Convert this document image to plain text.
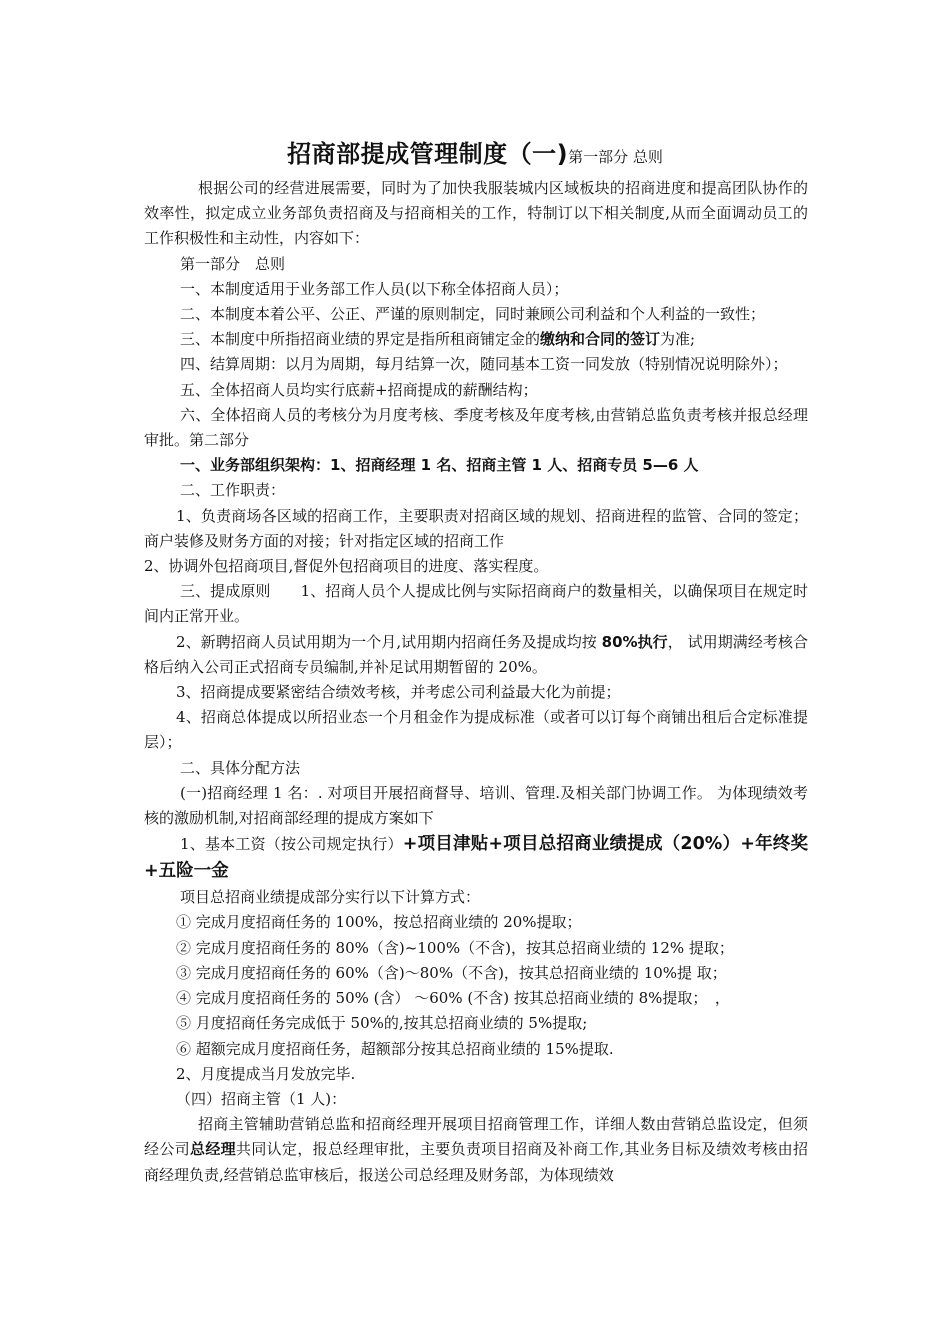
招商部提成管理制度（一)第一部分 总则

根据公司的经营进展需要，同时为了加快我服装城内区域板块的招商进度和提高团队协作的效率性，拟定成立业务部负责招商及与招商相关的工作，特制订以下相关制度,从而全面调动员工的工作积极性和主动性，内容如下：

第一部分　总则

一、本制度适用于业务部工作人员(以下称全体招商人员）；

二、本制度本着公平、公正、严谨的原则制定，同时兼顾公司利益和个人利益的一致性；

三、本制度中所指招商业绩的界定是指所租商铺定金的缴纳和合同的签订为准;

四、结算周期：以月为周期，每月结算一次，随同基本工资一同发放（特别情况说明除外）；

五、全体招商人员均实行底薪+招商提成的薪酬结构；

六、全体招商人员的考核分为月度考核、季度考核及年度考核,由营销总监负责考核并报总经理审批。第二部分

一、业务部组织架构：1、招商经理 1 名、招商主管 1 人、招商专员 5—6 人

二、工作职责：

1、负责商场各区域的招商工作，主要职责对招商区域的规划、招商进程的监管、合同的签定；商户装修及财务方面的对接；针对指定区域的招商工作

2、协调外包招商项目,督促外包招商项目的进度、落实程度。

三、提成原则　　1、招商人员个人提成比例与实际招商商户的数量相关，以确保项目在规定时间内正常开业。

2、新聘招商人员试用期为一个月,试用期内招商任务及提成均按 80%执行， 试用期满经考核合格后纳入公司正式招商专员编制,并补足试用期暂留的 20%。

3、招商提成要紧密结合绩效考核，并考虑公司利益最大化为前提；

4、招商总体提成以所招业态一个月租金作为提成标准（或者可以订每个商铺出租后合定标准提层）；

二、具体分配方法

(一)招商经理 1 名：. 对项目开展招商督导、培训、管理.及相关部门协调工作。 为体现绩效考核的激励机制,对招商部经理的提成方案如下

1、基本工资（按公司规定执行）+项目津贴+项目总招商业绩提成（20%）+年终奖+五险一金

项目总招商业绩提成部分实行以下计算方式：

① 完成月度招商任务的 100%，按总招商业绩的 20%提取；

② 完成月度招商任务的 80%（含)~100%（不含)，按其总招商业绩的 12% 提取；

③ 完成月度招商任务的 60%（含)～80%（不含)，按其总招商业绩的 10%提 取；

④ 完成月度招商任务的 50% (含） ～60% (不含) 按其总招商业绩的 8%提取；　，

⑤ 月度招商任务完成低于 50%的,按其总招商业绩的 5%提取;

⑥ 超额完成月度招商任务，超额部分按其总招商业绩的 15%提取.

2、月度提成当月发放完毕.

（四）招商主管（1 人)：

招商主管辅助营销总监和招商经理开展项目招商管理工作，详细人数由营销总监设定，但须经公司总经理共同认定，报总经理审批，主要负责项目招商及补商工作,其业务目标及绩效考核由招商经理负责,经营销总监审核后，报送公司总经理及财务部，为体现绩效
